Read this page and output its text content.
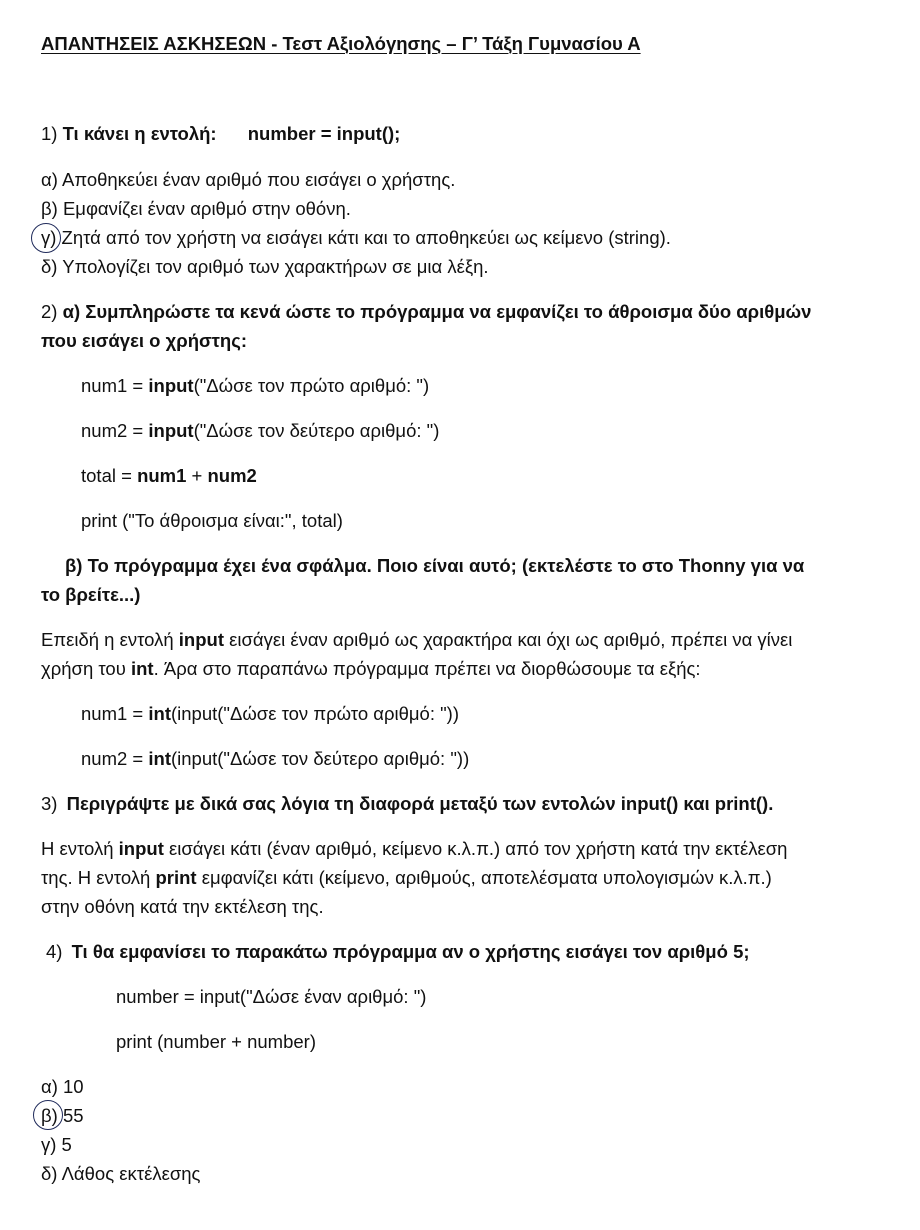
ΑΠΑΝΤΗΣΕΙΣ ΑΣΚΗΣΕΩΝ - Τεστ Αξιολόγησης – Γ’ Τάξη Γυμνασίου Α
1) Τι κάνει η εντολή: number = input();
α) Αποθηκεύει έναν αριθμό που εισάγει ο χρήστης.
β) Εμφανίζει έναν αριθμό στην οθόνη.
γ) Ζητά από τον χρήστη να εισάγει κάτι και το αποθηκεύει ως κείμενο (string).
δ) Υπολογίζει τον αριθμό των χαρακτήρων σε μια λέξη.
2) α) Συμπληρώστε τα κενά ώστε το πρόγραμμα να εμφανίζει το άθροισμα δύο αριθμών
που εισάγει ο χρήστης:
num1 = input("Δώσε τον πρώτο αριθμό: ")
num2 = input("Δώσε τον δεύτερο αριθμό: ")
total = num1 + num2
print ("Το άθροισμα είναι:", total)
β) Το πρόγραμμα έχει ένα σφάλμα. Ποιο είναι αυτό; (εκτελέστε το στο Thonny για να
το βρείτε...)
Επειδή η εντολή input εισάγει έναν αριθμό ως χαρακτήρα και όχι ως αριθμό, πρέπει να γίνει
χρήση του int. Άρα στο παραπάνω πρόγραμμα πρέπει να διορθώσουμε τα εξής:
num1 = int(input("Δώσε τον πρώτο αριθμό: "))
num2 = int(input("Δώσε τον δεύτερο αριθμό: "))
3) Περιγράψτε με δικά σας λόγια τη διαφορά μεταξύ των εντολών input() και print().
Η εντολή input εισάγει κάτι (έναν αριθμό, κείμενο κ.λ.π.) από τον χρήστη κατά την εκτέλεση
της. Η εντολή print εμφανίζει κάτι (κείμενο, αριθμούς, αποτελέσματα υπολογισμών κ.λ.π.)
στην οθόνη κατά την εκτέλεση της.
4) Τι θα εμφανίσει το παρακάτω πρόγραμμα αν ο χρήστης εισάγει τον αριθμό 5;
number = input("Δώσε έναν αριθμό: ")
print (number + number)
α) 10
β) 55
γ) 5
δ) Λάθος εκτέλεσης
